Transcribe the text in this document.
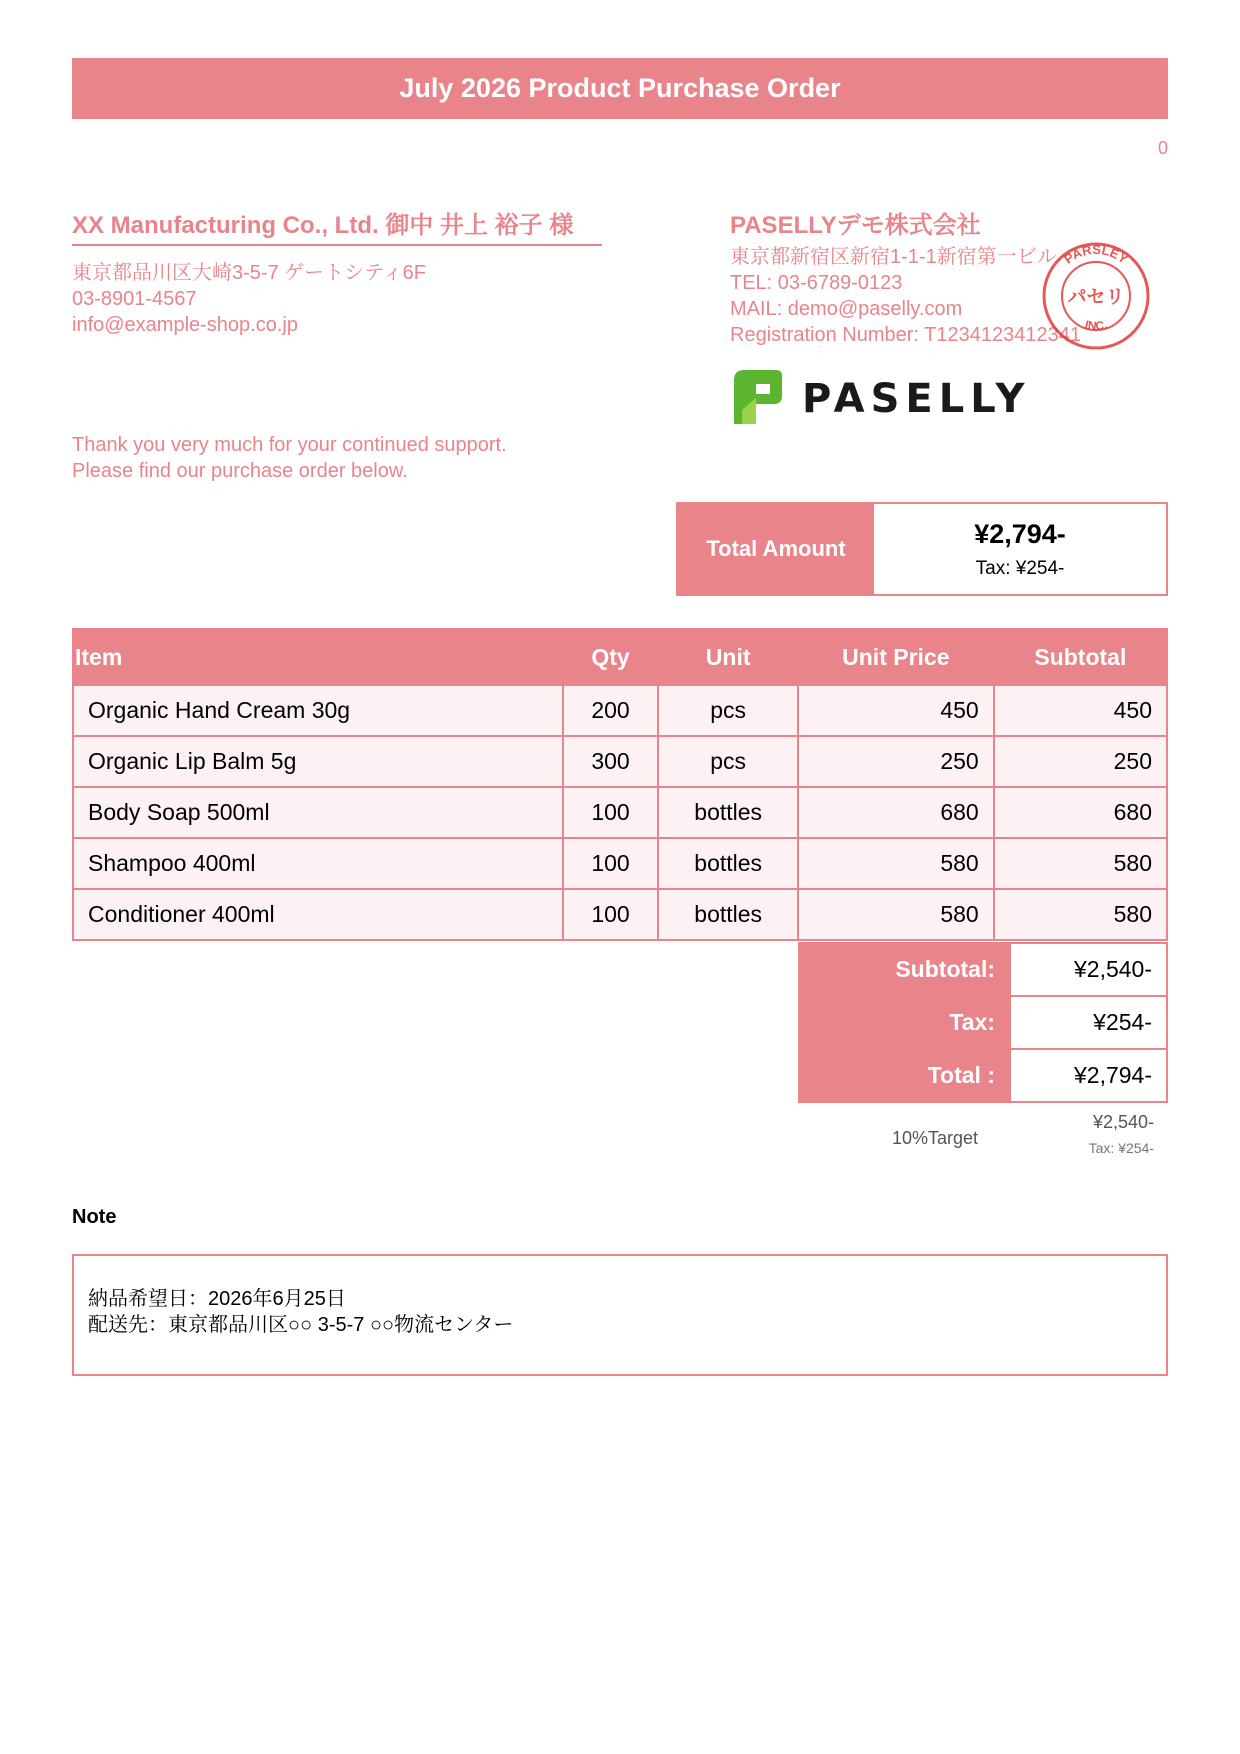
July 2026 Product Purchase Order
0
XX Manufacturing Co., Ltd. 御中 井上 裕子 様
東京都品川区大崎3-5-7 ゲートシティ6F
03-8901-4567
info@example-shop.co.jp
Thank you very much for your continued support.
Please find our purchase order below.
PASELLYデモ株式会社
東京都新宿区新宿1-1-1新宿第一ビル
TEL: 03-6789-0123
MAIL: demo@paselly.com
Registration Number: T1234123412341
PARSLEY
INC.
パセリ
PASELLY
Total Amount	¥2,794-
Tax: ¥254-
Item	Qty	Unit	Unit Price	Subtotal
Organic Hand Cream 30g	200	pcs	450	450
Organic Lip Balm 5g	300	pcs	250	250
Body Soap 500ml	100	bottles	680	680
Shampoo 400ml	100	bottles	580	580
Conditioner 400ml	100	bottles	580	580
Subtotal:	¥2,540-
Tax:	¥254-
Total :	¥2,794-
10%Target
¥2,540-
Tax: ¥254-
Note
納品希望日：2026年6月25日
配送先：東京都品川区○○ 3-5-7 ○○物流センター
